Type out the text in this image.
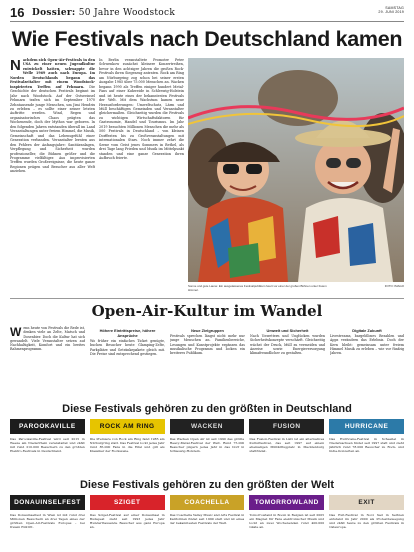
16 Dossier: 50 Jahre Woodstock	SAMSTAG
29. JUNI 2019
Wie Festivals nach Deutschland kamen
Nachdem sich Open-Air-Festivals in den USA zu einer neuen Jugendkultur entwickelt hatten, schwappte die Welle 1969 auch nach Europa. Im Norden Deutschlands begann das Festivalzeitalter mit einem Woodstock-inspirierten Treffen auf Fehmarn. Die Geschichte der deutschen Festivals beginnt im Jahr nach Woodstock. Auf der Ostseeinsel Fehmarn trafen sich im September 1970 Zehntausende junge Menschen, um Jimi Hendrix zu erleben – es sollte einer seiner letzten Auftritte werden. Wind, Regen und organisatorisches Chaos prägten das Wochenende, doch der Mythos war geboren. In den folgenden Jahren entstanden überall im Land Veranstaltungen unter freiem Himmel, die Musik, Gemeinschaft und das Lebensgefühl einer Generation verbanden. Veranstalter lernten aus den Fehlern der Anfangsjahre: Sanitäranlagen, Verpflegung und Sicherheit wurden professioneller, die Bühnen größer und die Programme vielfältiger. Aus improvisierten Treffen wurden Großereignisse, die heute ganze Regionen prägen und Besucher aus aller Welt anziehen.
In Berlin veranstaltete Promoter Peter Schwenkow zunächst kleinere Konzertreihen, bevor in den achtziger Jahren die großen Rock-Festivals ihren Siegeszug antraten. Rock am Ring am Nürburgring zog schon bei seiner ersten Ausgabe 1985 über 75.000 Menschen an. Wacken begann 1990 als Treffen einiger hundert Metal-Fans auf einer Kuhweide in Schleswig-Holstein und ist heute eines der bekanntesten Festivals der Welt. Mit dem Wachstum kamen neue Herausforderungen: Umweltschutz, Lärm und Müll beschäftigen Gemeinden und Veranstalter gleichermaßen. Gleichzeitig wurden die Festivals zu wichtigen Wirtschaftsfaktoren für Gastronomie, Handel und Tourismus. Im Jahr 2019 besuchten Millionen Menschen die mehr als 500 Festivals in Deutschland – von kleinen Dorffesten bis zu Großveranstaltungen mit internationalen Stars. Noch immer zehrt die Szene vom Geist jenes Sommers in Bethel, als drei Tage lang Frieden und Musik im Mittelpunkt standen und eine ganze Generation ihren Aufbruch feierte.
Sonne und gute Laune: Ein ausgelassenes Festivalpublikum feiert vor einer der großen Bühnen unter freiem Himmel.
FOTO: IMAGO
Open-Air-Kultur im Wandel
Wenn heute von Festivals die Rede ist, denken viele an Zelte, Matsch und Dosenbier. Doch die Kultur hat sich gewandelt. Viele Veranstalter setzen auf Nachhaltigkeit, Komfort und ein breites Rahmenprogramm.
Höhere Eintrittspreise, höhere Ansprüche
Wo früher ein einfaches Ticket genügte, buchen Besucher heute Glamping-Zelte, Parkplätze und Getränkepakete gleich mit. Die Preise sind entsprechend gestiegen.
Neue Zielgruppen
Festivals sprechen längst nicht mehr nur junge Menschen an. Familienbereiche, Lesungen und Kunstprojekte ergänzen das musikalische Programm und locken ein breiteres Publikum.
Umwelt und Sicherheit
Nach Unwettern und Unglücken wurden Sicherheitskonzepte verschärft. Gleichzeitig wächst der Druck, Müll zu vermeiden und Anreise sowie Energieversorgung klimafreundlicher zu gestalten.
Digitale Zukunft
Livestreams, bargeldloses Bezahlen und Apps verändern das Erlebnis. Doch der Kern bleibt: gemeinsam unter freiem Himmel Musik zu erleben – wie vor fünfzig Jahren.
Diese Festivals gehören zu den größten in Deutschland
PAROOKAVILLE	ROCK AM RING	WACKEN	FUSION	HURRICANE
Das Parookaville-Festival wird seit 2015 in Weeze am Niederrhein veranstaltet und zählt mit rund 210.000 Besuchern zu den größten Elektro-Festivals in Deutschland.
Die Premiere von Rock am Ring fand 1985 am Nürburgring statt. Das Festival lockt jedes Jahr rund 85.000 Fans in die Eifel und gilt als Klassiker der Rockszene.
Das Wacken Open Air ist seit 1990 das größte Heavy-Metal-Festival der Welt. Rund 75.000 Besucher pilgern jedes Jahr in das Dorf in Schleswig-Holstein.
Das Fusion-Festival in Lärz ist ein alternatives Kulturfestival, das seit 1997 auf einem ehemaligen Militärflugplatz in Mecklenburg stattfindet.
Das Hurricane-Festival in Scheeßel in Niedersachsen findet seit 1997 statt und zieht jährlich rund 78.000 Besucher zu Rock- und Indie-Konzerten an.
Diese Festivals gehören zu den größten der Welt
DONAUINSELFEST	SZIGET	COACHELLA	TOMORROWLAND	EXIT
Das Donauinselfest in Wien ist mit rund drei Millionen Besuchern an drei Tagen eines der größten Open-Air-Festivals Europas – bei freiem Eintritt.
Das Sziget-Festival auf einer Donauinsel in Budapest zieht seit 1993 jedes Jahr Hunderttausende Besucher aus ganz Europa an.
Das Coachella Valley Music and Arts Festival in Kalifornien findet seit 1999 statt und ist eines der bekanntesten Festivals der Welt.
Tomorrowland in Boom in Belgien ist seit 2005 ein Magnet für Fans elektronischer Musik und lockt an zwei Wochenenden rund 400.000 Gäste an.
Das Exit-Festival in Novi Sad in Serbien entstand im Jahr 2000 als Protestbewegung und zählt heute zu den größten Festivals in Osteuropa.
